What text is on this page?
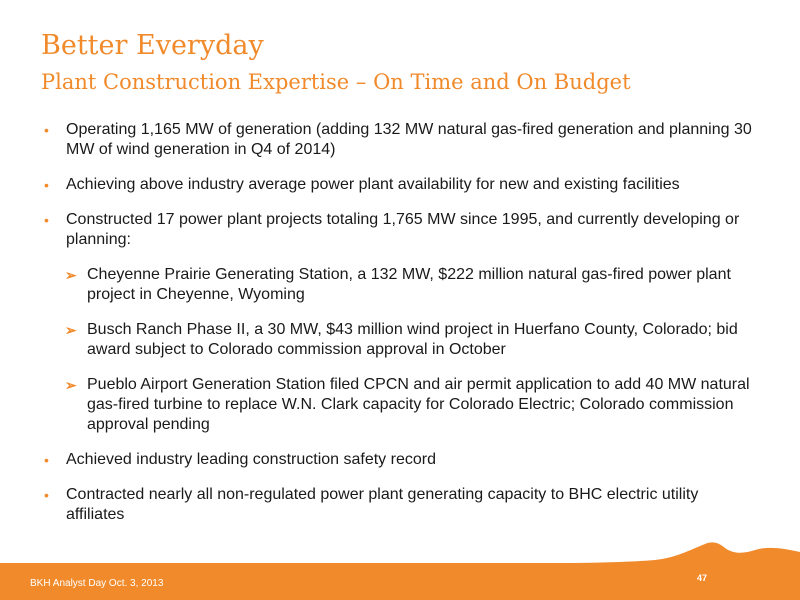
Better Everyday
Plant Construction Expertise – On Time and On Budget
• Operating 1,165 MW of generation (adding 132 MW natural gas-fired generation and planning 30 MW of wind generation in Q4 of 2014)
• Achieving above industry average power plant availability for new and existing facilities
• Constructed 17 power plant projects totaling 1,765 MW since 1995, and currently developing or planning:
➢ Cheyenne Prairie Generating Station, a 132 MW, $222 million natural gas-fired power plant project in Cheyenne, Wyoming
➢ Busch Ranch Phase II, a 30 MW, $43 million wind project in Huerfano County, Colorado; bid award subject to Colorado commission approval in October
➢ Pueblo Airport Generation Station filed CPCN and air permit application to add 40 MW natural gas-fired turbine to replace W.N. Clark capacity for Colorado Electric; Colorado commission approval pending
• Achieved industry leading construction safety record
• Contracted nearly all non-regulated power plant generating capacity to BHC electric utility affiliates
BKH Analyst Day Oct. 3, 2013	47
